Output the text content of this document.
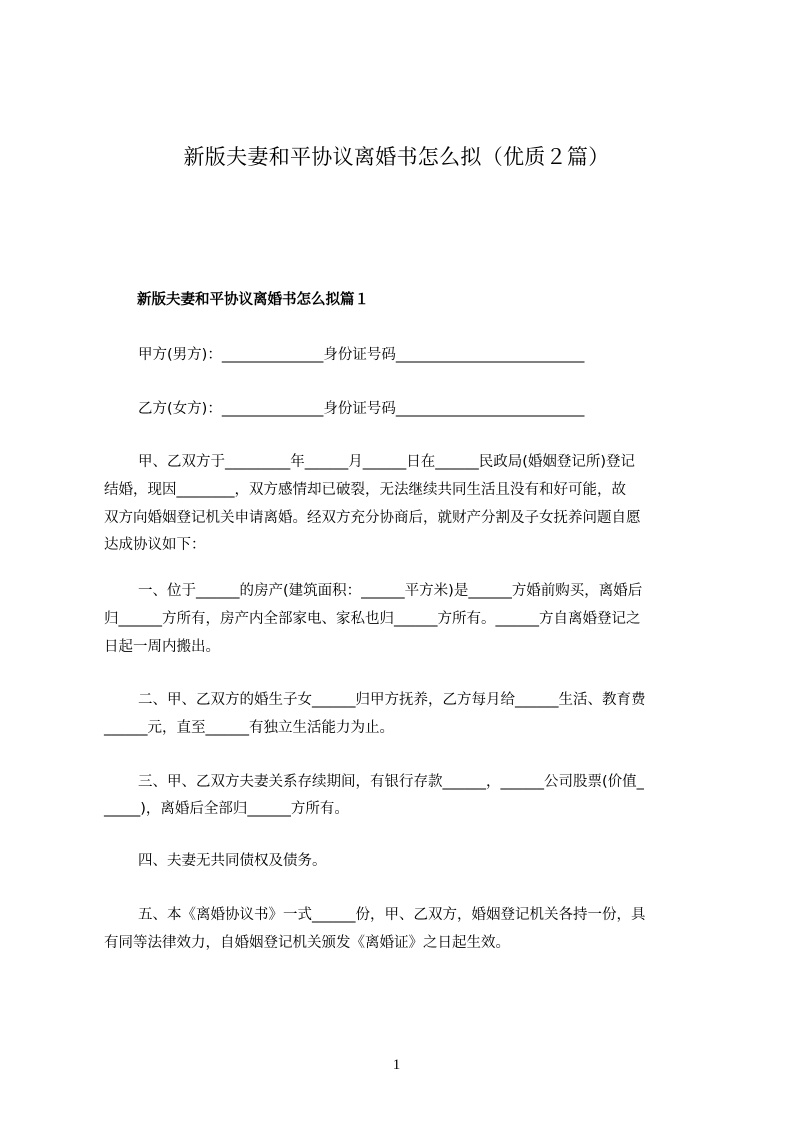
新版夫妻和平协议离婚书怎么拟（优质２篇）
新版夫妻和平协议离婚书怎么拟篇１
甲方(男方)：______________身份证号码__________________________
乙方(女方)：______________身份证号码__________________________
甲、乙双方于_________年______月______日在______民政局(婚姻登记所)登记
结婚，现因________，双方感情却已破裂，无法继续共同生活且没有和好可能，故
双方向婚姻登记机关申请离婚。经双方充分协商后，就财产分割及子女抚养问题自愿
达成协议如下：
一、位于______的房产(建筑面积：______平方米)是______方婚前购买，离婚后
归______方所有，房产内全部家电、家私也归______方所有。______方自离婚登记之
日起一周内搬出。
二、甲、乙双方的婚生子女______归甲方抚养，乙方每月给______生活、教育费
______元，直至______有独立生活能力为止。
三、甲、乙双方夫妻关系存续期间，有银行存款______，______公司股票(价值_
_____)，离婚后全部归______方所有。
四、夫妻无共同债权及债务。
五、本《离婚协议书》一式______份，甲、乙双方，婚姻登记机关各持一份，具
有同等法律效力，自婚姻登记机关颁发《离婚证》之日起生效。
1
